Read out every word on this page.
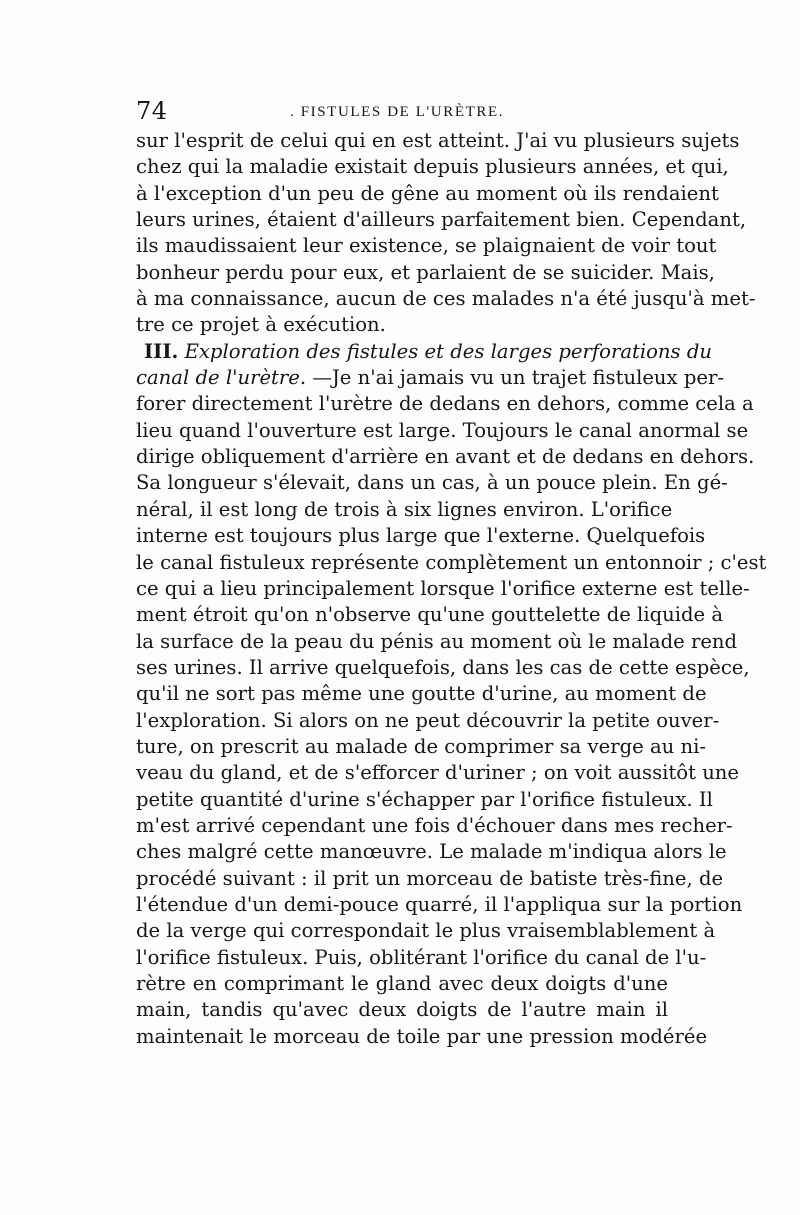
74	. FISTULES DE L'URÈTRE.
sur l'esprit de celui qui en est atteint. J'ai vu plusieurs sujets
chez qui la maladie existait depuis plusieurs années, et qui,
à l'exception d'un peu de gêne au moment où ils rendaient
leurs urines, étaient d'ailleurs parfaitement bien. Cependant,
ils maudissaient leur existence, se plaignaient de voir tout
bonheur perdu pour eux, et parlaient de se suicider. Mais,
à ma connaissance, aucun de ces malades n'a été jusqu'à met-
tre ce projet à exécution.
III. Exploration des fistules et des larges perforations du
canal de l'urètre. —Je n'ai jamais vu un trajet fistuleux per-
forer directement l'urètre de dedans en dehors, comme cela a
lieu quand l'ouverture est large. Toujours le canal anormal se
dirige obliquement d'arrière en avant et de dedans en dehors.
Sa longueur s'élevait, dans un cas, à un pouce plein. En gé-
néral, il est long de trois à six lignes environ. L'orifice
interne est toujours plus large que l'externe. Quelquefois
le canal fistuleux représente complètement un entonnoir ; c'est
ce qui a lieu principalement lorsque l'orifice externe est telle-
ment étroit qu'on n'observe qu'une gouttelette de liquide à
la surface de la peau du pénis au moment où le malade rend
ses urines. Il arrive quelquefois, dans les cas de cette espèce,
qu'il ne sort pas même une goutte d'urine, au moment de
l'exploration. Si alors on ne peut découvrir la petite ouver-
ture, on prescrit au malade de comprimer sa verge au ni-
veau du gland, et de s'efforcer d'uriner ; on voit aussitôt une
petite quantité d'urine s'échapper par l'orifice fistuleux. Il
m'est arrivé cependant une fois d'échouer dans mes recher-
ches malgré cette manœuvre. Le malade m'indiqua alors le
procédé suivant : il prit un morceau de batiste très-fine, de
l'étendue d'un demi-pouce quarré, il l'appliqua sur la portion
de la verge qui correspondait le plus vraisemblablement à
l'orifice fistuleux. Puis, oblitérant l'orifice du canal de l'u-
rètre en comprimant le gland avec deux doigts d'une
main, tandis qu'avec deux doigts de l'autre main il
maintenait le morceau de toile par une pression modérée
